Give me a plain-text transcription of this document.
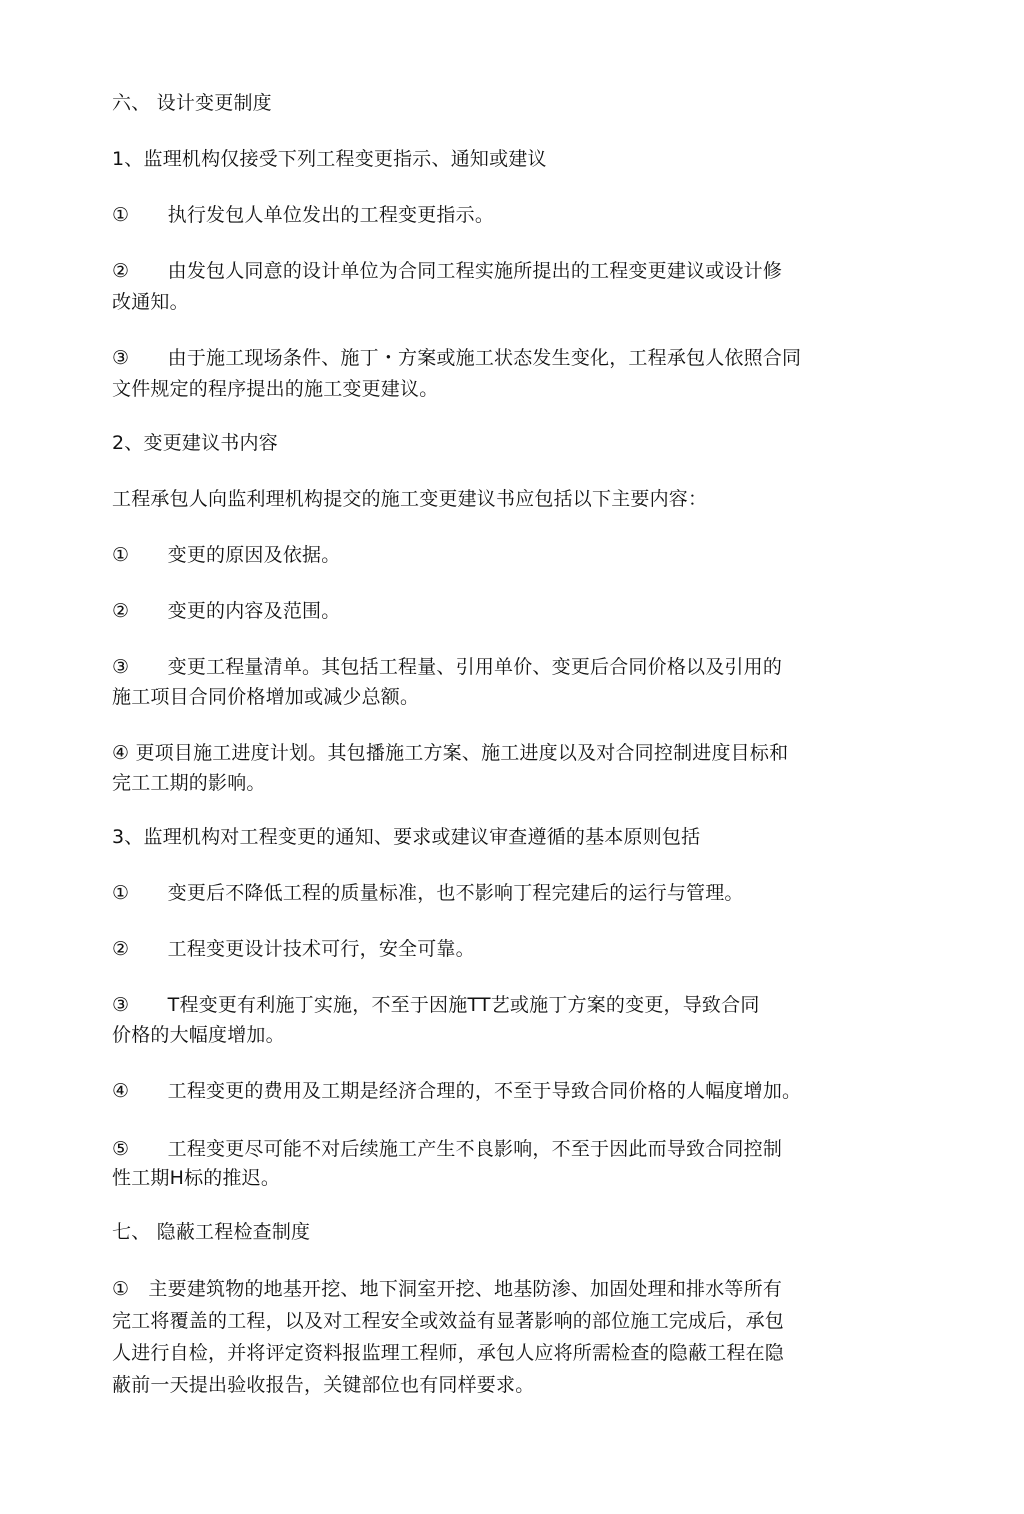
六、 设计变更制度
1、监理机构仅接受下列工程变更指示、通知或建议
①　　执行发包人单位发出的工程变更指示。
②　　由发包人同意的设计单位为合同工程实施所提出的工程变更建议或设计修
改通知。
③　　由于施工现场条件、施丁・方案或施工状态发生变化，工程承包人依照合同
文件规定的程序提出的施工变更建议。
2、变更建议书内容
工程承包人向监利理机构提交的施工变更建议书应包括以下主要内容：
①　　变更的原因及依据。
②　　变更的内容及范围。
③　　变更工程量清单。其包括工程量、引用单价、变更后合同价格以及引用的
施工项目合同价格增加或减少总额。
④ 更项目施工进度计划。其包播施工方案、施工进度以及对合同控制进度目标和
完工工期的影响。
3、监理机构对工程变更的通知、要求或建议审查遵循的基本原则包括
①　　变更后不降低工程的质量标准，也不影响丁程完建后的运行与管理。
②　　工程变更设计技术可行，安全可靠。
③　　T程变更有利施丁实施，不至于因施TT艺或施丁方案的变更，导致合同
价格的大幅度增加。
④　　工程变更的费用及工期是经济合理的，不至于导致合同价格的人幅度增加。
⑤　　工程变更尽可能不对后续施工产生不良影响，不至于因此而导致合同控制
性工期H标的推迟。
七、 隐蔽工程检查制度
①　主要建筑物的地基开挖、地下洞室开挖、地基防渗、加固处理和排水等所有
完工将覆盖的工程，以及对工程安全或效益有显著影响的部位施工完成后，承包
人进行自检，并将评定资料报监理工程师，承包人应将所需检查的隐蔽工程在隐
蔽前一天提出验收报告，关键部位也有同样要求。
